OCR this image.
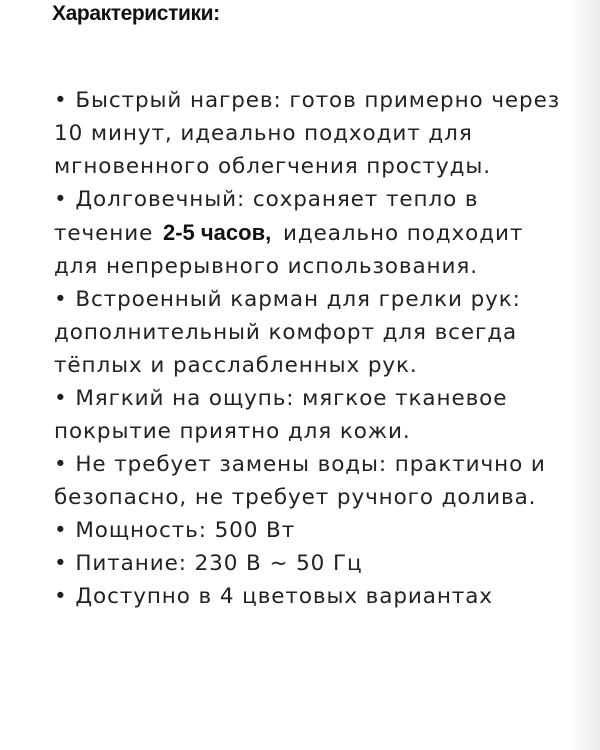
Характеристики:
• Быстрый нагрев: готов примерно через 10 минут, идеально подходит для мгновенного облегчения простуды.
• Долговечный: сохраняет тепло в течение 2-5 часов, идеально подходит для непрерывного использования.
• Встроенный карман для грелки рук: дополнительный комфорт для всегда тёплых и расслабленных рук.
• Мягкий на ощупь: мягкое тканевое покрытие приятно для кожи.
• Не требует замены воды: практично и безопасно, не требует ручного долива.
• Мощность: 500 Вт
• Питание: 230 В ~ 50 Гц
• Доступно в 4 цветовых вариантах
